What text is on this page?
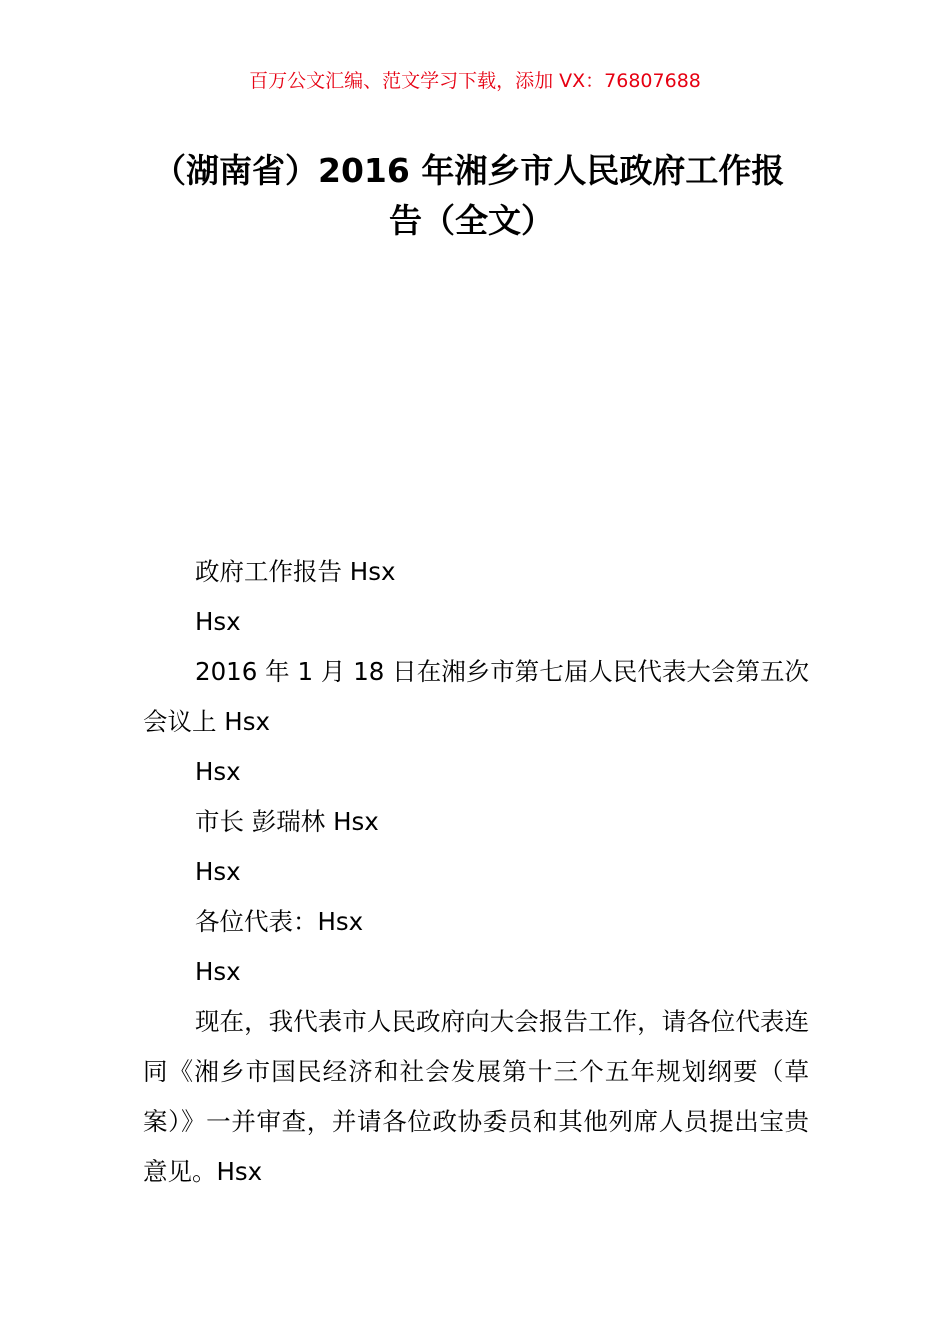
百万公文汇编、范文学习下载，添加 VX：76807688
（湖南省）2016 年湘乡市人民政府工作报
告（全文）

政府工作报告 Hsx

Hsx

2016 年 1 月 18 日在湘乡市第七届人民代表大会第五次会议上 Hsx

Hsx

市长 彭瑞林 Hsx

Hsx

各位代表：Hsx

Hsx

现在，我代表市人民政府向大会报告工作，请各位代表连同《湘乡市国民经济和社会发展第十三个五年规划纲要（草案）》一并审查，并请各位政协委员和其他列席人员提出宝贵意见。Hsx
